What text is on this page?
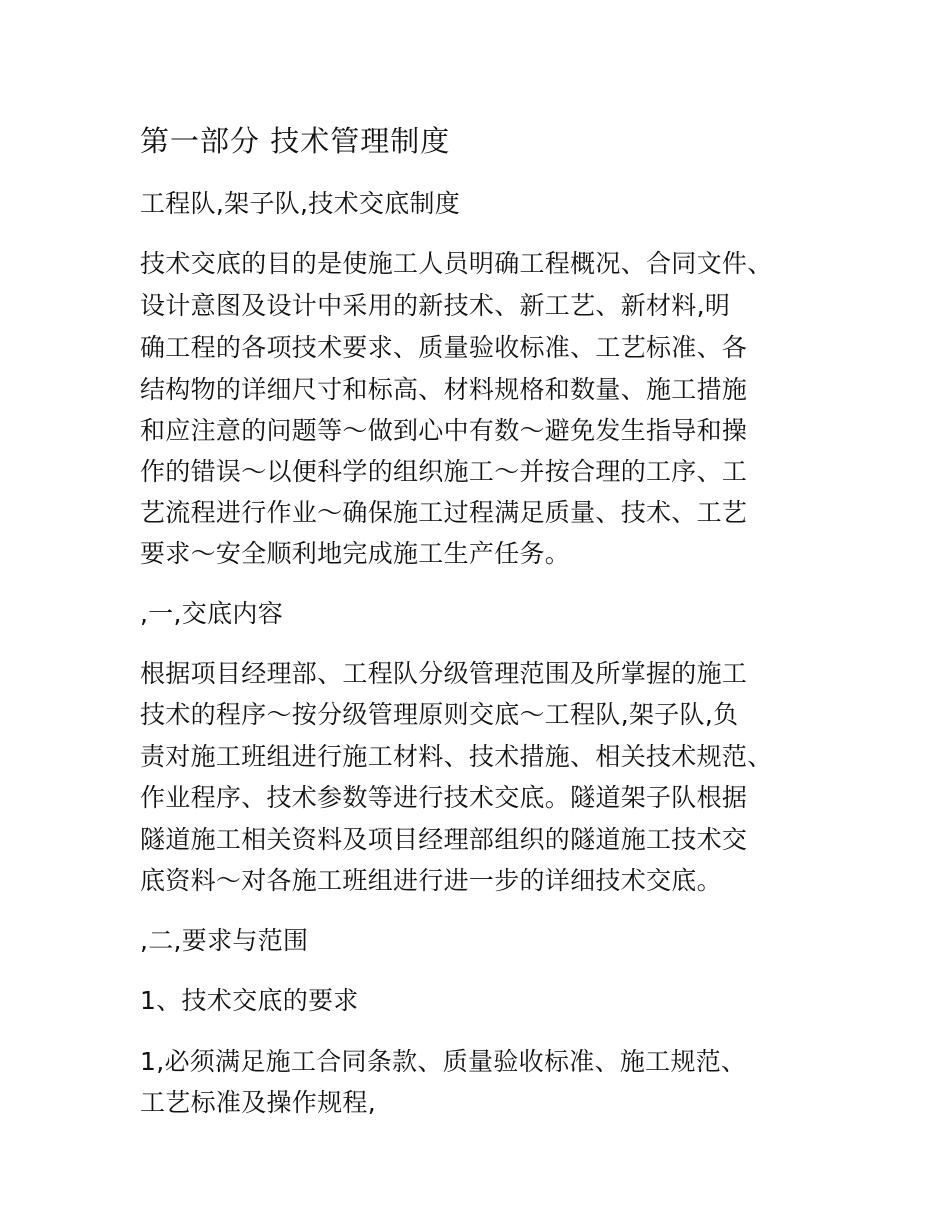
第一部分 技术管理制度
工程队,架子队,技术交底制度
技术交底的目的是使施工人员明确工程概况、合同文件、
设计意图及设计中采用的新技术、新工艺、新材料,明
确工程的各项技术要求、质量验收标准、工艺标准、各
结构物的详细尺寸和标高、材料规格和数量、施工措施
和应注意的问题等～做到心中有数～避免发生指导和操
作的错误～以便科学的组织施工～并按合理的工序、工
艺流程进行作业～确保施工过程满足质量、技术、工艺
要求～安全顺利地完成施工生产任务。
,一,交底内容
根据项目经理部、工程队分级管理范围及所掌握的施工
技术的程序～按分级管理原则交底～工程队,架子队,负
责对施工班组进行施工材料、技术措施、相关技术规范、
作业程序、技术参数等进行技术交底。隧道架子队根据
隧道施工相关资料及项目经理部组织的隧道施工技术交
底资料～对各施工班组进行进一步的详细技术交底。
,二,要求与范围
1、技术交底的要求
1,必须满足施工合同条款、质量验收标准、施工规范、
工艺标准及操作规程,
